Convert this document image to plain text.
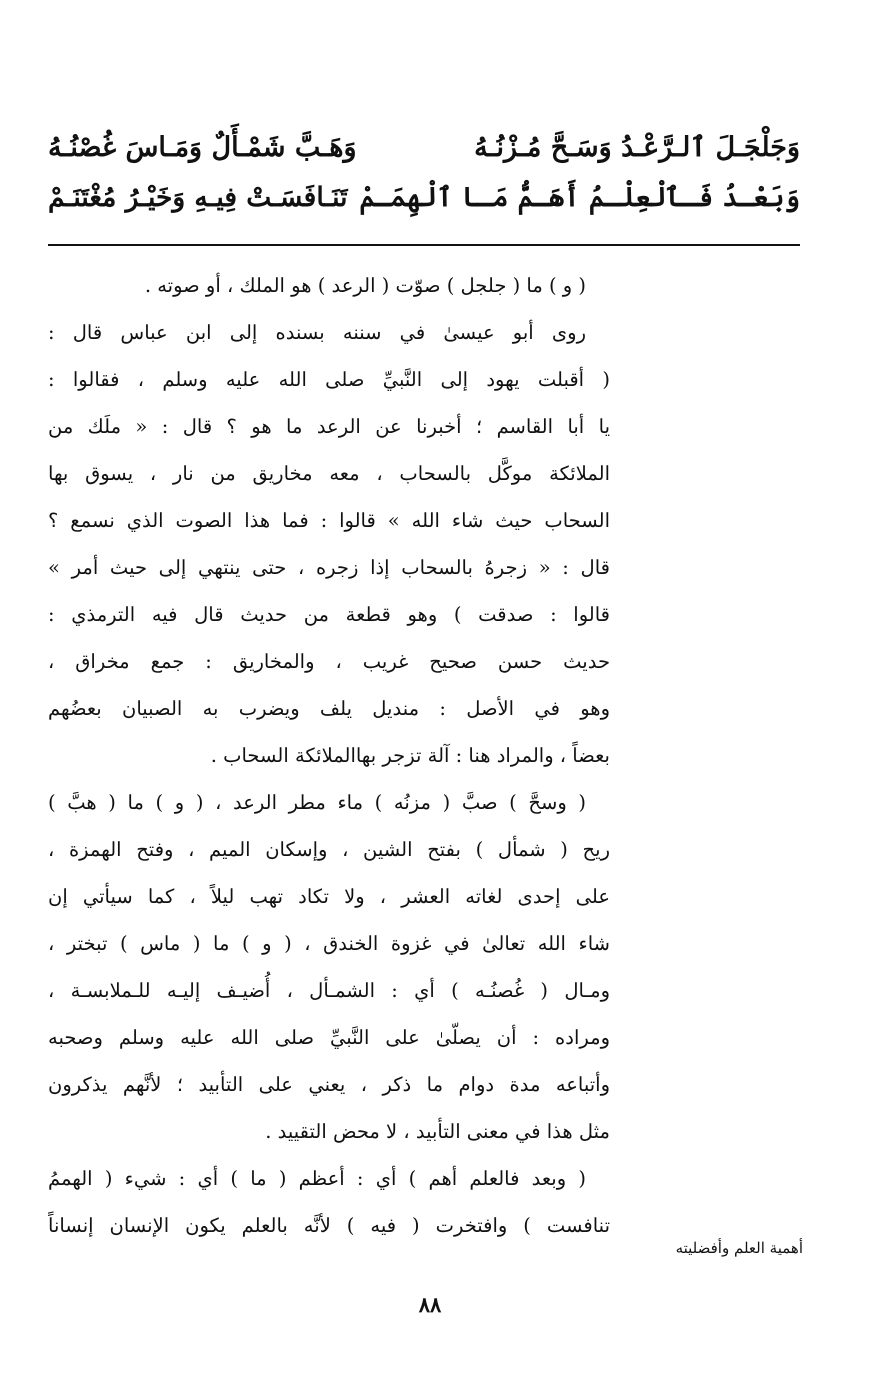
وَجَلْجَـلَ ٱلـرَّعْـدُ وَسَـحَّ مُـزْنُـهُ
وَهَـبَّ شَمْـأَلٌ وَمَـاسَ غُصْنُـهُ
وَبَعْـدُ فَـٱلْعِلْـمُ أَهَـمُّ مَـا ٱلْهِمَـمْ
تَنَـافَسَـتْ فِيـهِ وَخَيْـرُ مُغْتَنَـمْ
( و ) ما ( جلجل ) صوّت ( الرعد ) هو الملك ، أو صوته .
روى أبو عيسىٰ في سننه بسنده إلى ابن عباس قال :
( أقبلت يهود إلى النَّبيِّ صلى الله عليه وسلم ، فقالوا :
يا أبا القاسم ؛ أخبرنا عن الرعد ما هو ؟ قال : « ملَك من
الملائكة موكَّل بالسحاب ، معه مخاريق من نار ، يسوق بها
السحاب حيث شاء الله » قالوا : فما هذا الصوت الذي نسمع ؟
قال : « زجرهُ بالسحاب إذا زجره ، حتى ينتهي إلى حيث أمر »
قالوا : صدقت ) وهو قطعة من حديث قال فيه الترمذي :
حديث حسن صحيح غريب ، والمخاريق : جمع مخراق ،
وهو في الأصل : منديل يلف ويضرب به الصبيان بعضُهم
بعضاً ، والمراد هنا : آلة تزجر بهاالملائكة السحاب .
( وسحَّ ) صبَّ ( مزنُه ) ماء مطر الرعد ، ( و ) ما ( هبَّ )
ريح ( شمأل ) بفتح الشين ، وإسكان الميم ، وفتح الهمزة ،
على إحدى لغاته العشر ، ولا تكاد تهب ليلاً ، كما سيأتي إن
شاء الله تعالىٰ في غزوة الخندق ، ( و ) ما ( ماس ) تبختر ،
ومـال ( غُصنُـه ) أي : الشمـأل ، أُضيـف إليـه للـملابسـة ،
ومراده : أن يصلّىٰ على النَّبيِّ صلى الله عليه وسلم وصحبه
وأتباعه مدة دوام ما ذكر ، يعني على التأبيد ؛ لأنَّهم يذكرون
مثل هذا في معنى التأبيد ، لا محض التقييد .
( وبعد فالعلم أهم ) أي : أعظم ( ما ) أي : شيء ( الهممُ
تنافست ) وافتخرت ( فيه ) لأنَّه بالعلم يكون الإنسان إنساناً
أهمية العلم وأفضليته
٨٨
